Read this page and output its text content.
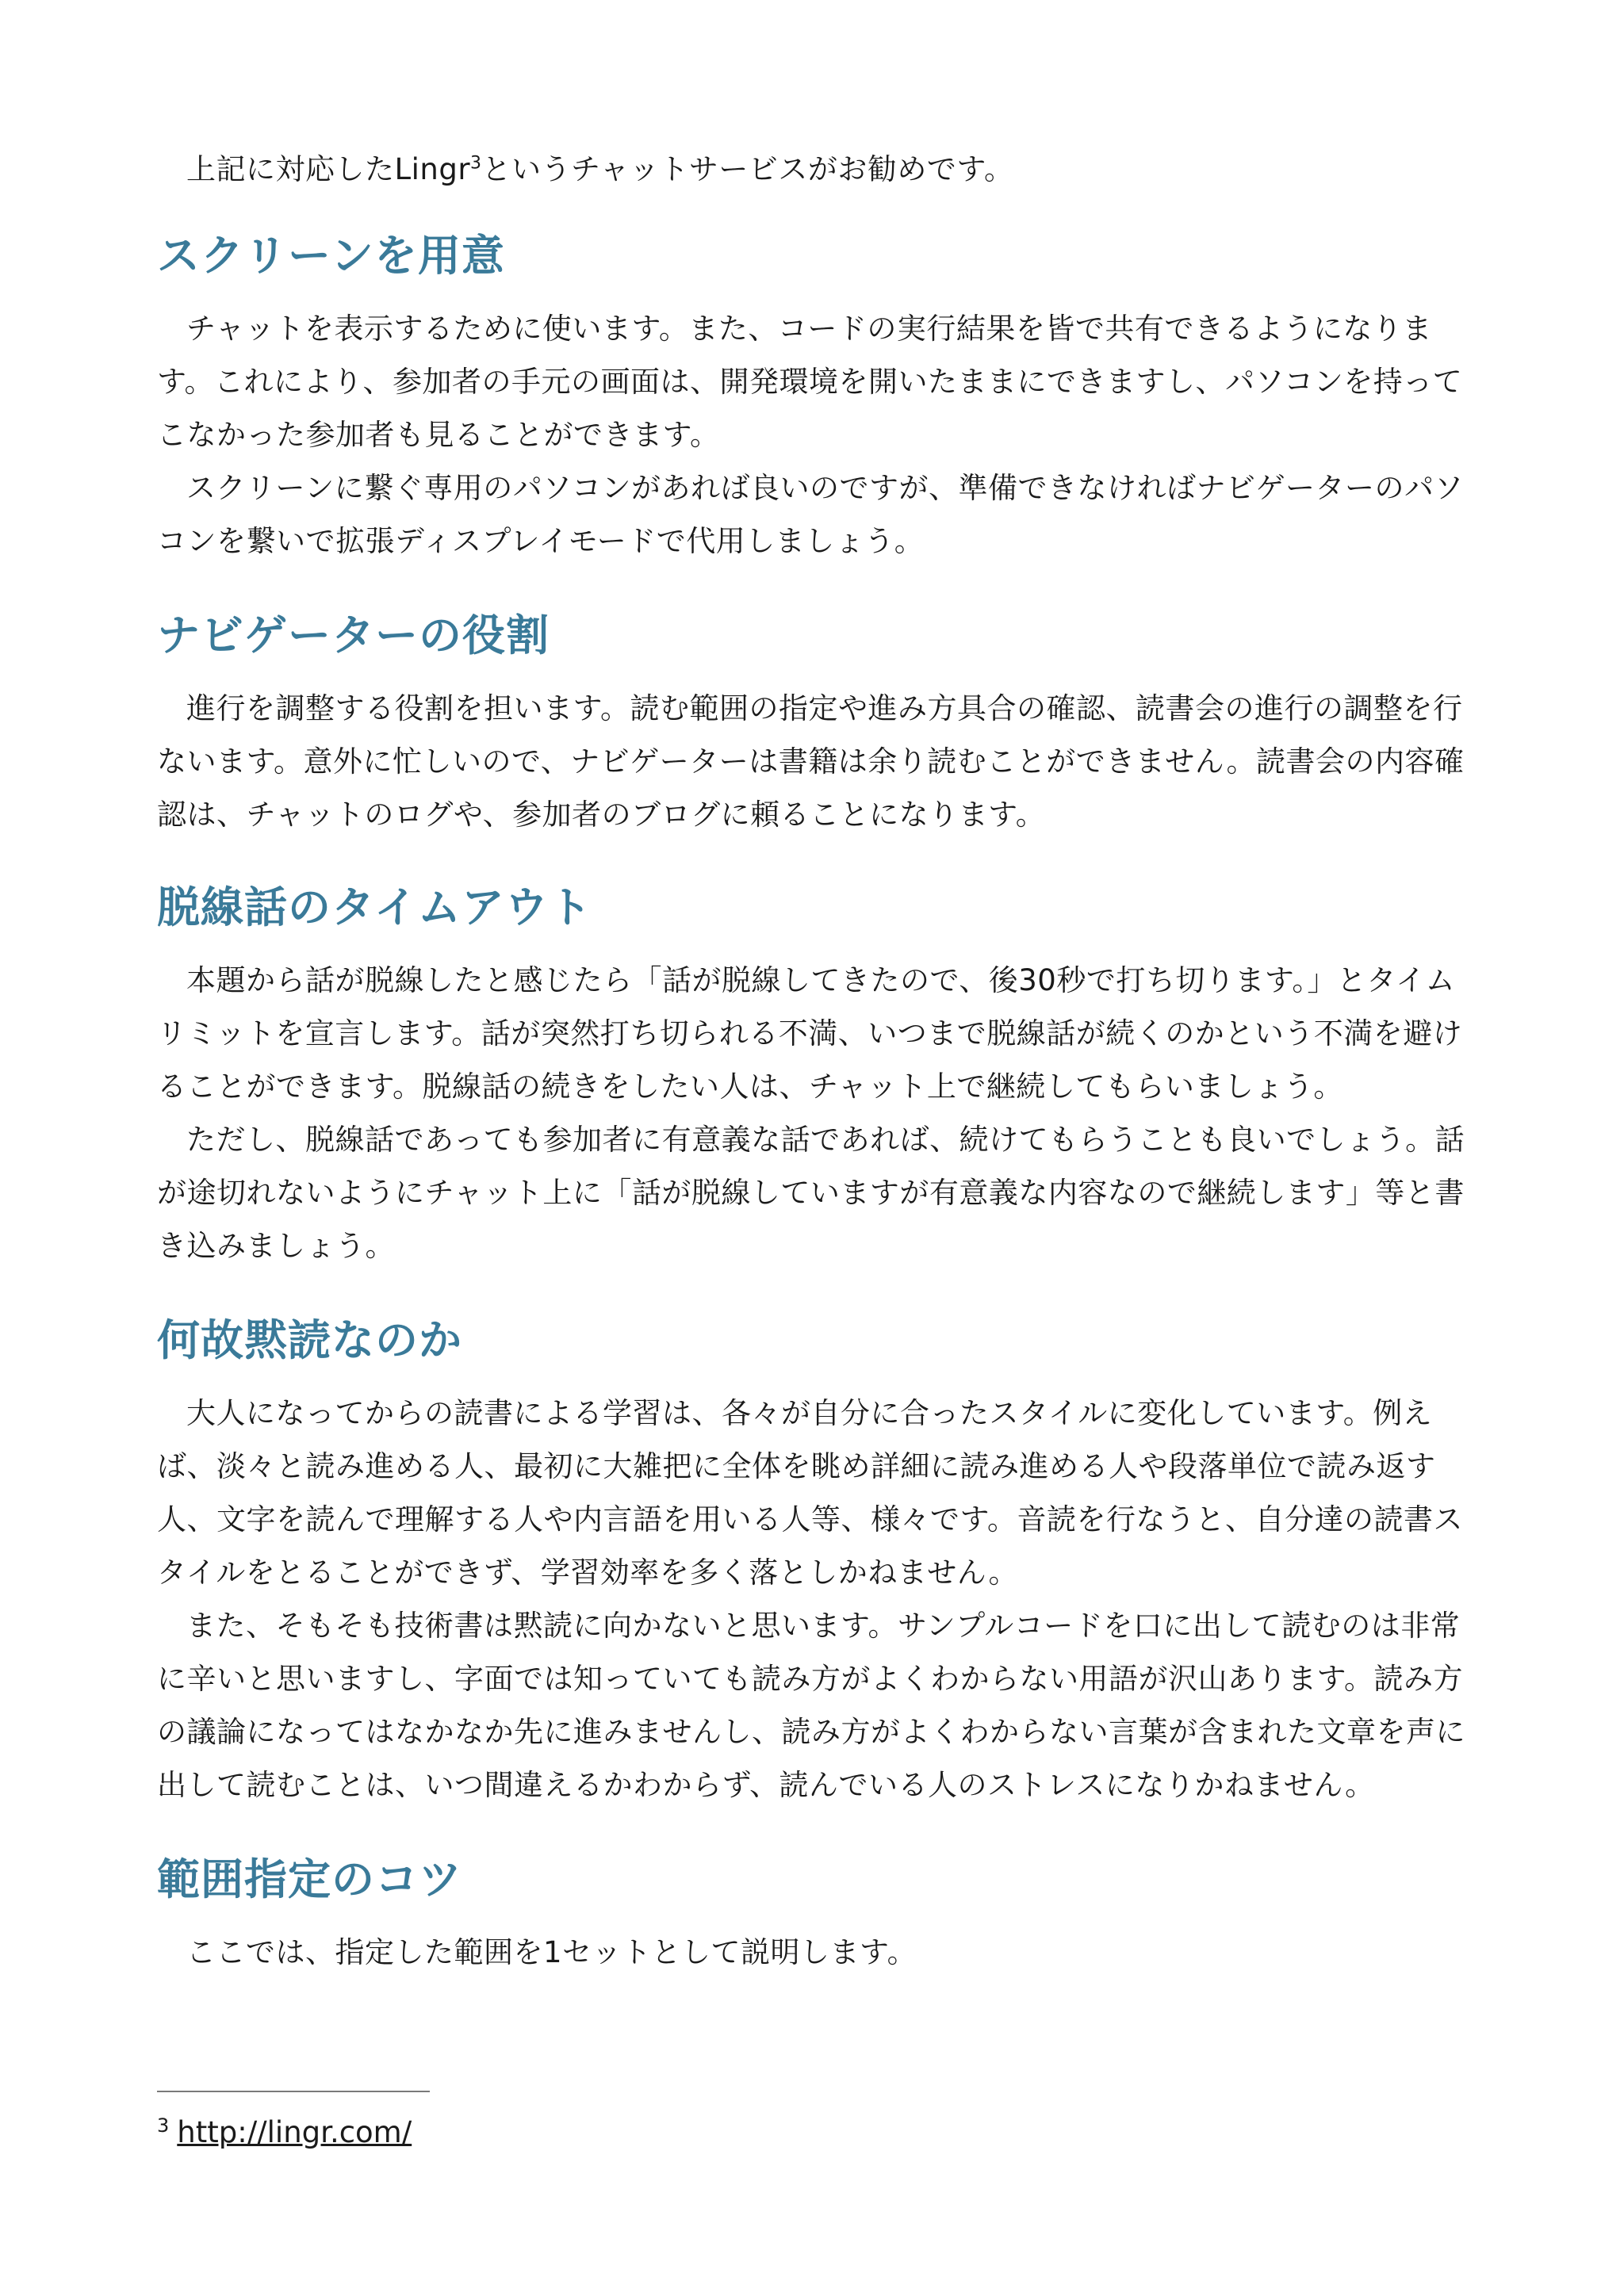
上記に対応したLingr$^3$というチャットサービスがお勧めです。

スクリーンを用意

チャットを表示するために使います。また、コードの実行結果を皆で共有できるようになります。これにより、参加者の手元の画面は、開発環境を開いたままにできますし、パソコンを持ってこなかった参加者も見ることができます。

スクリーンに繋ぐ専用のパソコンがあれば良いのですが、準備できなければナビゲーターのパソコンを繋いで拡張ディスプレイモードで代用しましょう。

ナビゲーターの役割

進行を調整する役割を担います。読む範囲の指定や進み方具合の確認、読書会の進行の調整を行ないます。意外に忙しいので、ナビゲーターは書籍は余り読むことができません。読書会の内容確認は、チャットのログや、参加者のブログに頼ることになります。

脱線話のタイムアウト

本題から話が脱線したと感じたら「話が脱線してきたので、後30秒で打ち切ります。」とタイムリミットを宣言します。話が突然打ち切られる不満、いつまで脱線話が続くのかという不満を避けることができます。脱線話の続きをしたい人は、チャット上で継続してもらいましょう。

ただし、脱線話であっても参加者に有意義な話であれば、続けてもらうことも良いでしょう。話が途切れないようにチャット上に「話が脱線していますが有意義な内容なので継続します」等と書き込みましょう。

何故黙読なのか

大人になってからの読書による学習は、各々が自分に合ったスタイルに変化しています。例えば、淡々と読み進める人、最初に大雑把に全体を眺め詳細に読み進める人や段落単位で読み返す人、文字を読んで理解する人や内言語を用いる人等、様々です。音読を行なうと、自分達の読書スタイルをとることができず、学習効率を多く落としかねません。

また、そもそも技術書は黙読に向かないと思います。サンプルコードを口に出して読むのは非常に辛いと思いますし、字面では知っていても読み方がよくわからない用語が沢山あります。読み方の議論になってはなかなか先に進みませんし、読み方がよくわからない言葉が含まれた文章を声に出して読むことは、いつ間違えるかわからず、読んでいる人のストレスになりかねません。

範囲指定のコツ

ここでは、指定した範囲を1セットとして説明します。

$^3$ http://lingr.com/
